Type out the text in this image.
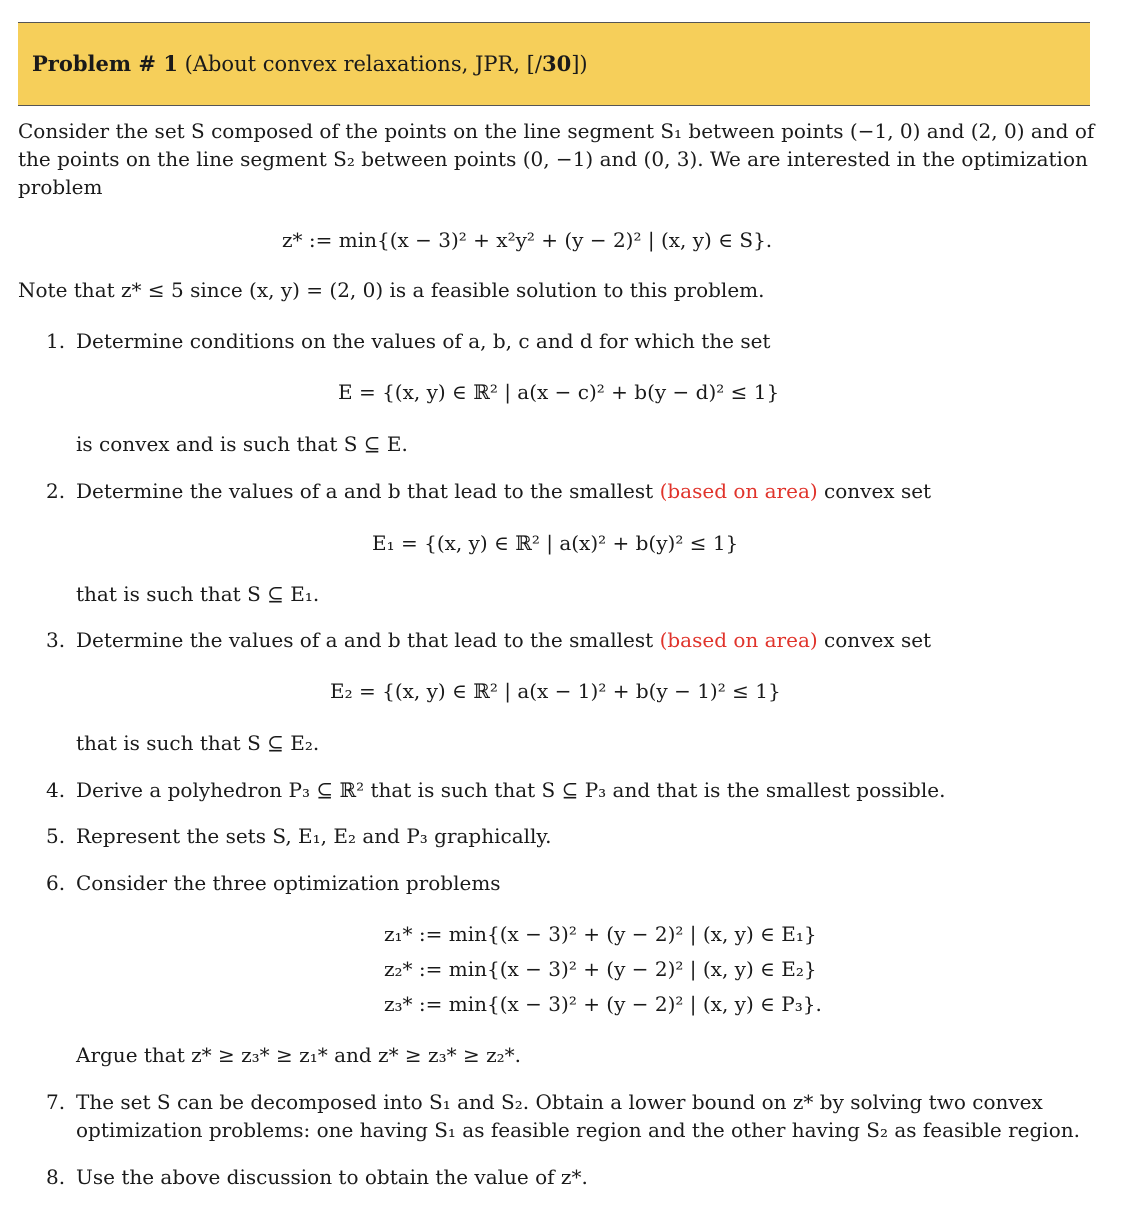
Problem # 1 (About convex relaxations, JPR, [/30])
Consider the set S composed of the points on the line segment S₁ between points (−1, 0) and (2, 0) and of
the points on the line segment S₂ between points (0, −1) and (0, 3). We are interested in the optimization
problem
z* := min{(x − 3)² + x²y² + (y − 2)² | (x, y) ∈ S}.
Note that z* ≤ 5 since (x, y) = (2, 0) is a feasible solution to this problem.
1. Determine conditions on the values of a, b, c and d for which the set
E = {(x, y) ∈ ℝ² | a(x − c)² + b(y − d)² ≤ 1}
is convex and is such that S ⊆ E.
2. Determine the values of a and b that lead to the smallest (based on area) convex set
E₁ = {(x, y) ∈ ℝ² | a(x)² + b(y)² ≤ 1}
that is such that S ⊆ E₁.
3. Determine the values of a and b that lead to the smallest (based on area) convex set
E₂ = {(x, y) ∈ ℝ² | a(x − 1)² + b(y − 1)² ≤ 1}
that is such that S ⊆ E₂.
4. Derive a polyhedron P₃ ⊆ ℝ² that is such that S ⊆ P₃ and that is the smallest possible.
5. Represent the sets S, E₁, E₂ and P₃ graphically.
6. Consider the three optimization problems
z₁* := min{(x − 3)² + (y − 2)² | (x, y) ∈ E₁}
z₂* := min{(x − 3)² + (y − 2)² | (x, y) ∈ E₂}
z₃* := min{(x − 3)² + (y − 2)² | (x, y) ∈ P₃}.
Argue that z* ≥ z₃* ≥ z₁* and z* ≥ z₃* ≥ z₂*.
7. The set S can be decomposed into S₁ and S₂. Obtain a lower bound on z* by solving two convex
optimization problems: one having S₁ as feasible region and the other having S₂ as feasible region.
8. Use the above discussion to obtain the value of z*.
